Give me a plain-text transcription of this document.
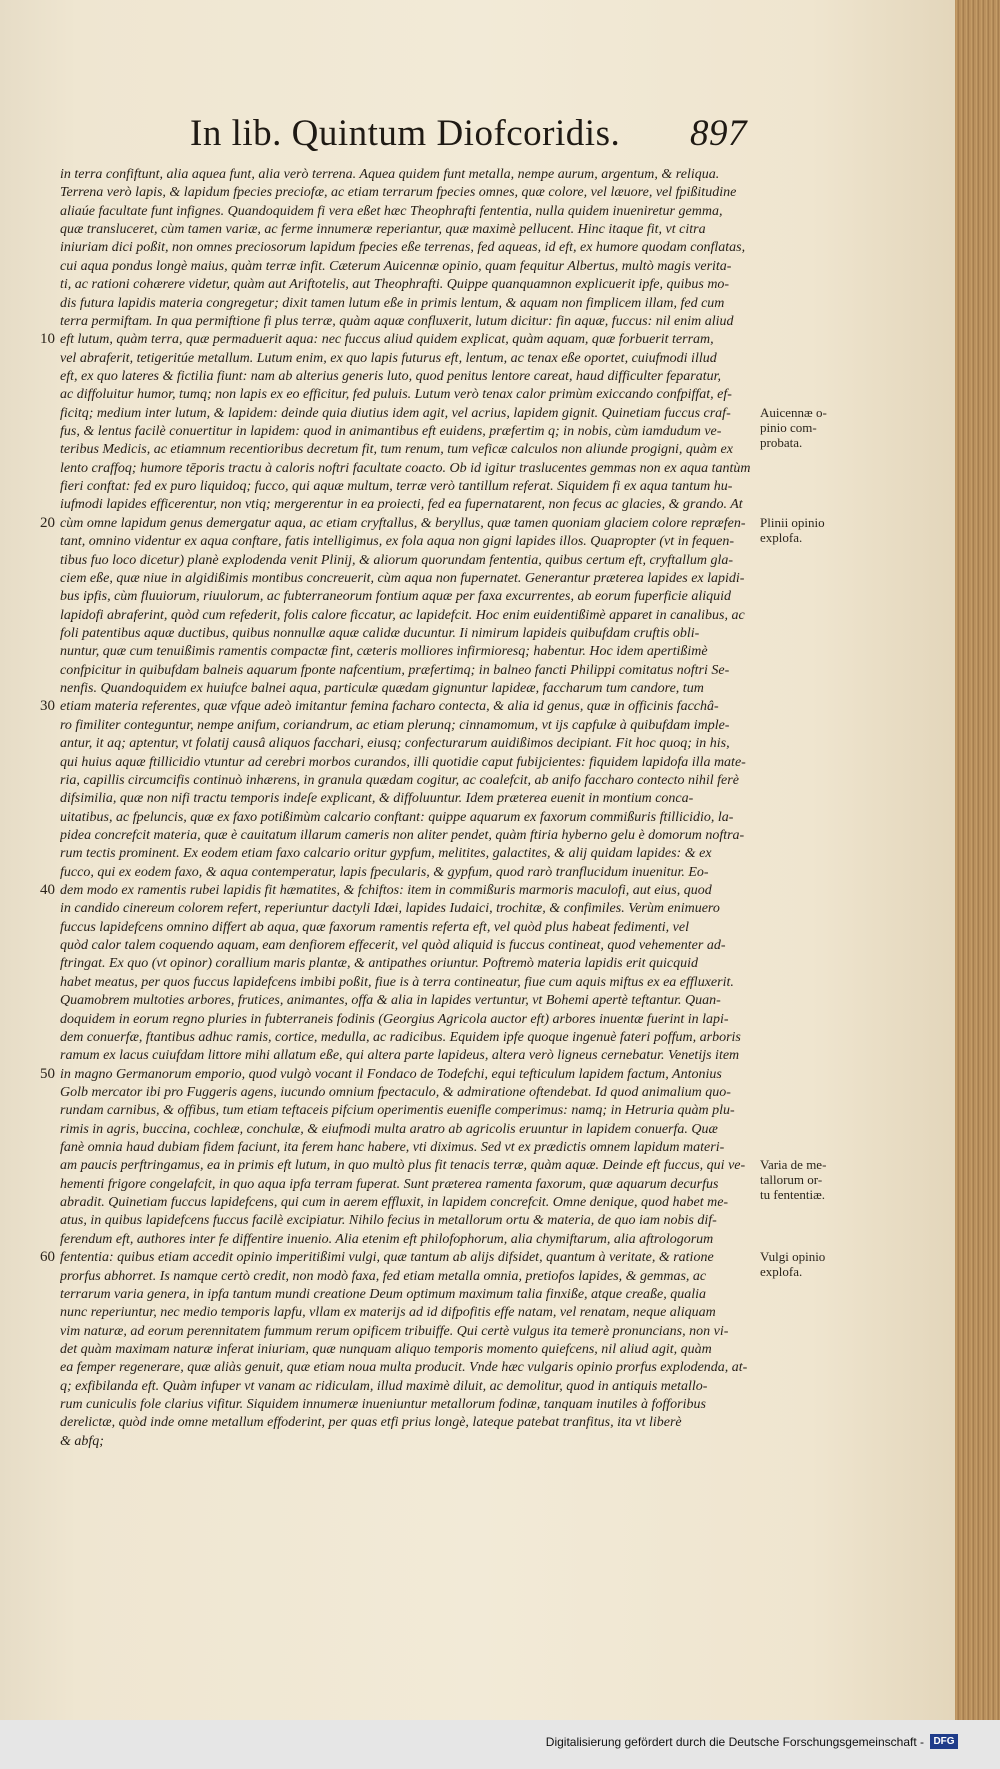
In lib. Quintum Diofcoridis. 897
in terra confiftunt, alia aquea funt, alia verò terrena. Aquea quidem funt metalla, nempe aurum, argentum, & reliqua.
Terrena verò lapis, & lapidum fpecies preciofæ, ac etiam terrarum fpecies omnes, quæ colore, vel læuore, vel fpißitudine
aliaúe facultate funt infignes. Quandoquidem fi vera eßet hæc Theophrafti fententia, nulla quidem inueniretur gemma,
quæ transluceret, cùm tamen variæ, ac ferme innumeræ reperiantur, quæ maximè pellucent. Hinc itaque fit, vt citra
iniuriam dici poßit, non omnes preciosorum lapidum fpecies eße terrenas, fed aqueas, id eft, ex humore quodam conflatas,
cui aqua pondus longè maius, quàm terræ infit. Cæterum Auicennæ opinio, quam fequitur Albertus, multò magis verita-
ti, ac rationi cohærere videtur, quàm aut Ariftotelis, aut Theophrafti. Quippe quanquamnon explicuerit ipfe, quibus mo-
dis futura lapidis materia congregetur; dixit tamen lutum eße in primis lentum, & aquam non fimplicem illam, fed cum
terra permiftam. In qua permiftione fi plus terræ, quàm aquæ confluxerit, lutum dicitur: fin aquæ, fuccus: nil enim aliud
eft lutum, quàm terra, quæ permaduerit aqua: nec fuccus aliud quidem explicat, quàm aquam, quæ forbuerit terram,
vel abraferit, tetigeritúe metallum. Lutum enim, ex quo lapis futurus eft, lentum, ac tenax eße oportet, cuiufmodi illud
eft, ex quo lateres & fictilia fiunt: nam ab alterius generis luto, quod penitus lentore careat, haud difficulter feparatur,
ac diffoluitur humor, tumq; non lapis ex eo efficitur, fed puluis. Lutum verò tenax calor primùm exiccando confpiffat, ef-
ficitq; medium inter lutum, & lapidem: deinde quia diutius idem agit, vel acrius, lapidem gignit. Quinetiam fuccus craf-
fus, & lentus facilè conuertitur in lapidem: quod in animantibus eft euidens, præfertim q; in nobis, cùm iamdudum ve-
teribus Medicis, ac etiamnum recentioribus decretum fit, tum renum, tum veficæ calculos non aliunde progigni, quàm ex
lento craffoq; humore tēporis tractu à caloris noftri facultate coacto. Ob id igitur traslucentes gemmas non ex aqua tantùm
fieri conftat: fed ex puro liquidoq; fucco, qui aquæ multum, terræ verò tantillum referat. Siquidem fi ex aqua tantum hu-
iufmodi lapides efficerentur, non vtiq; mergerentur in ea proiecti, fed ea fupernatarent, non fecus ac glacies, & grando. At
cùm omne lapidum genus demergatur aqua, ac etiam cryftallus, & beryllus, quæ tamen quoniam glaciem colore repræfen-
tant, omnino videntur ex aqua conftare, fatis intelligimus, ex fola aqua non gigni lapides illos. Quapropter (vt in fequen-
tibus fuo loco dicetur) planè explodenda venit Plinij, & aliorum quorundam fententia, quibus certum eft, cryftallum gla-
ciem eße, quæ niue in algidißimis montibus concreuerit, cùm aqua non fupernatet. Generantur præterea lapides ex lapidi-
bus ipfis, cùm fluuiorum, riuulorum, ac fubterraneorum fontium aquæ per faxa excurrentes, ab eorum fuperficie aliquid
lapidofi abraferint, quòd cum refederit, folis calore ficcatur, ac lapidefcit. Hoc enim euidentißimè apparet in canalibus, ac
foli patentibus aquæ ductibus, quibus nonnullæ aquæ calidæ ducuntur. Ii nimirum lapideis quibufdam cruftis obli-
nuntur, quæ cum tenuißimis ramentis compactæ fint, cæteris molliores infirmioresq; habentur. Hoc idem apertißimè
confpicitur in quibufdam balneis aquarum fponte nafcentium, præfertimq; in balneo fancti Philippi comitatus noftri Se-
nenfis. Quandoquidem ex huiufce balnei aqua, particulæ quædam gignuntur lapideæ, faccharum tum candore, tum
etiam materia referentes, quæ vfque adeò imitantur femina facharo contecta, & alia id genus, quæ in officinis facchâ-
ro fimiliter conteguntur, nempe anifum, coriandrum, ac etiam plerunq; cinnamomum, vt ijs capfulæ à quibufdam imple-
antur, it aq; aptentur, vt folatij causâ aliquos facchari, eiusq; confecturarum auidißimos decipiant. Fit hoc quoq; in his,
qui huius aquæ ftillicidio vtuntur ad cerebri morbos curandos, illi quotidie caput fubijcientes: fiquidem lapidofa illa mate-
ria, capillis circumcifis continuò inhærens, in granula quædam cogitur, ac coalefcit, ab anifo faccharo contecto nihil ferè
difsimilia, quæ non nifi tractu temporis indeſe explicant, & diffoluuntur. Idem præterea euenit in montium conca-
uitatibus, ac fpeluncis, quæ ex faxo potißimùm calcario conftant: quippe aquarum ex faxorum commißuris ftillicidio, la-
pidea concrefcit materia, quæ è cauitatum illarum cameris non aliter pendet, quàm ftiria hyberno gelu è domorum noftra-
rum tectis prominent. Ex eodem etiam faxo calcario oritur gypfum, melitites, galactites, & alij quidam lapides: & ex
fucco, qui ex eodem faxo, & aqua contemperatur, lapis fpecularis, & gypfum, quod rarò tranflucidum inuenitur. Eo-
dem modo ex ramentis rubei lapidis fit hæmatites, & fchiftos: item in commißuris marmoris maculofi, aut eius, quod
in candido cinereum colorem refert, reperiuntur dactyli Idæi, lapides Iudaici, trochitæ, & confimiles. Verùm enimuero
fuccus lapidefcens omnino differt ab aqua, quæ faxorum ramentis referta eft, vel quòd plus habeat fedimenti, vel
quòd calor talem coquendo aquam, eam denfiorem effecerit, vel quòd aliquid is fuccus contineat, quod vehementer ad-
ftringat. Ex quo (vt opinor) corallium maris plantæ, & antipathes oriuntur. Poftremò materia lapidis erit quicquid
habet meatus, per quos fuccus lapidefcens imbibi poßit, fiue is à terra contineatur, fiue cum aquis miftus ex ea effluxerit.
Quamobrem multoties arbores, frutices, animantes, offa & alia in lapides vertuntur, vt Bohemi apertè teftantur. Quan-
doquidem in eorum regno pluries in fubterraneis fodinis (Georgius Agricola auctor eft) arbores inuentæ fuerint in lapi-
dem conuerfæ, ftantibus adhuc ramis, cortice, medulla, ac radicibus. Equidem ipfe quoque ingenuè fateri poffum, arboris
ramum ex lacus cuiufdam littore mihi allatum eße, qui altera parte lapideus, altera verò ligneus cernebatur. Venetijs item
in magno Germanorum emporio, quod vulgò vocant il Fondaco de Todefchi, equi tefticulum lapidem factum, Antonius
Golb mercator ibi pro Fuggeris agens, iucundo omnium fpectaculo, & admiratione oftendebat. Id quod animalium quo-
rundam carnibus, & offibus, tum etiam teftaceis pifcium operimentis euenifle comperimus: namq; in Hetruria quàm plu-
rimis in agris, buccina, cochleæ, conchulæ, & eiufmodi multa aratro ab agricolis eruuntur in lapidem conuerfa. Quæ
fanè omnia haud dubiam fidem faciunt, ita ferem hanc habere, vti diximus. Sed vt ex prædictis omnem lapidum materi-
am paucis perftringamus, ea in primis eft lutum, in quo multò plus fit tenacis terræ, quàm aquæ. Deinde eft fuccus, qui ve-
hementi frigore congelafcit, in quo aqua ipfa terram fuperat. Sunt præterea ramenta faxorum, quæ aquarum decurfus
abradit. Quinetiam fuccus lapidefcens, qui cum in aerem effluxit, in lapidem concrefcit. Omne denique, quod habet me-
atus, in quibus lapidefcens fuccus facilè excipiatur. Nihilo fecius in metallorum ortu & materia, de quo iam nobis dif-
ferendum eft, authores inter fe diffentire inuenio. Alia etenim eft philofophorum, alia chymiftarum, alia aftrologorum
fententia: quibus etiam accedit opinio imperitißimi vulgi, quæ tantum ab alijs difsidet, quantum à veritate, & ratione
prorfus abhorret. Is namque certò credit, non modò faxa, fed etiam metalla omnia, pretiofos lapides, & gemmas, ac
terrarum varia genera, in ipfa tantum mundi creatione Deum optimum maximum talia finxiße, atque creaße, qualia
nunc reperiuntur, nec medio temporis lapfu, vllam ex materijs ad id difpofitis effe natam, vel renatam, neque aliquam
vim naturæ, ad eorum perennitatem fummum rerum opificem tribuiffe. Qui certè vulgus ita temerè pronuncians, non vi-
det quàm maximam naturæ inferat iniuriam, quæ nunquam aliquo temporis momento quiefcens, nil aliud agit, quàm
ea femper regenerare, quæ aliàs genuit, quæ etiam noua multa producit. Vnde hæc vulgaris opinio prorfus explodenda, at-
q; exfibilanda eft. Quàm infuper vt vanam ac ridiculam, illud maximè diluit, ac demolitur, quod in antiquis metallo-
rum cuniculis fole clarius vifitur. Siquidem innumeræ inueniuntur metallorum fodinæ, tanquam inutiles à fofforibus
derelictæ, quòd inde omne metallum effoderint, per quas etfi prius longè, lateque patebat tranfitus, ita vt liberè
& abfq;
10
20
30
40
50
60
Auicennæ o- pinio com- probata.
Plinii opinio explofa.
Varia de me- tallorum or- tu fententiæ.
Vulgi opinio explofa.
Digitalisierung gefördert durch die Deutsche Forschungsgemeinschaft - DFG
